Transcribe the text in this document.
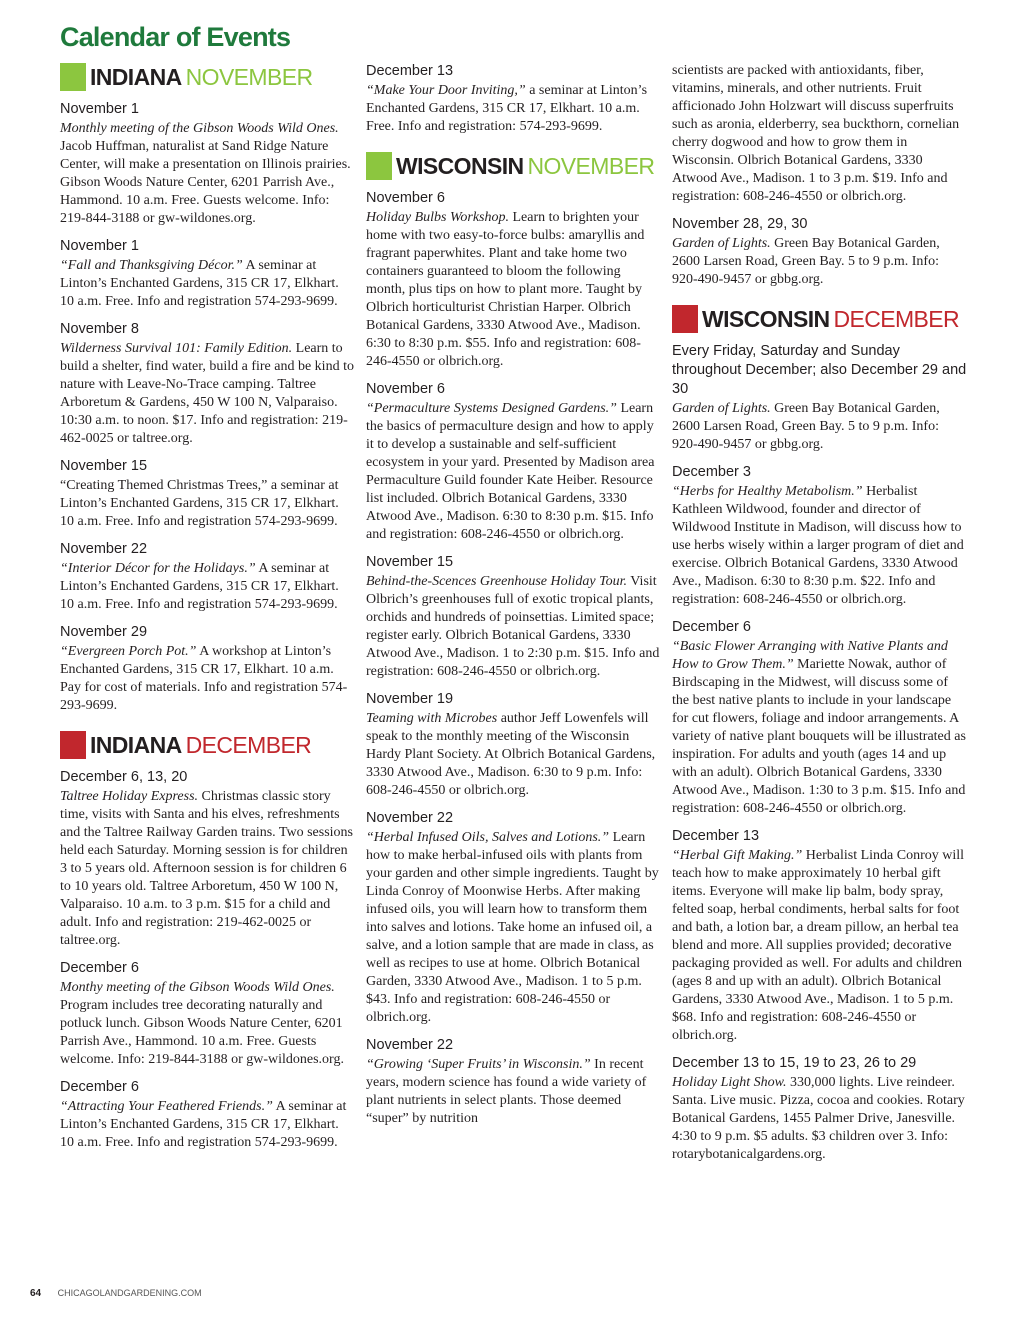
Calendar of Events
INDIANA NOVEMBER
November 1
Monthly meeting of the Gibson Woods Wild Ones. Jacob Huffman, naturalist at Sand Ridge Nature Center, will make a presentation on Illinois prairies. Gibson Woods Nature Center, 6201 Parrish Ave., Hammond. 10 a.m. Free. Guests welcome. Info: 219-844-3188 or gw-wildones.org.
November 1
“Fall and Thanksgiving Décor.” A seminar at Linton’s Enchanted Gardens, 315 CR 17, Elkhart. 10 a.m. Free. Info and registration 574-293-9699.
November 8
Wilderness Survival 101: Family Edition. Learn to build a shelter, find water, build a fire and be kind to nature with Leave-No-Trace camping. Taltree Arboretum & Gardens, 450 W 100 N, Valparaiso. 10:30 a.m. to noon. $17. Info and registration: 219-462-0025 or taltree.org.
November 15
“Creating Themed Christmas Trees,” a seminar at Linton’s Enchanted Gardens, 315 CR 17, Elkhart. 10 a.m. Free. Info and registration 574-293-9699.
November 22
“Interior Décor for the Holidays.” A seminar at Linton’s Enchanted Gardens, 315 CR 17, Elkhart. 10 a.m. Free. Info and registration 574-293-9699.
November 29
“Evergreen Porch Pot.” A workshop at Linton’s Enchanted Gardens, 315 CR 17, Elkhart. 10 a.m. Pay for cost of materials. Info and registration 574-293-9699.
INDIANA DECEMBER
December 6, 13, 20
Taltree Holiday Express. Christmas classic story time, visits with Santa and his elves, refreshments and the Taltree Railway Garden trains. Two sessions held each Saturday. Morning session is for children 3 to 5 years old. Afternoon session is for children 6 to 10 years old. Taltree Arboretum, 450 W 100 N, Valparaiso. 10 a.m. to 3 p.m. $15 for a child and adult. Info and registration: 219-462-0025 or taltree.org.
December 6
Monthy meeting of the Gibson Woods Wild Ones. Program includes tree decorating naturally and potluck lunch. Gibson Woods Nature Center, 6201 Parrish Ave., Hammond. 10 a.m. Free. Guests welcome. Info: 219-844-3188 or gw-wildones.org.
December 6
“Attracting Your Feathered Friends.” A seminar at Linton’s Enchanted Gardens, 315 CR 17, Elkhart. 10 a.m. Free. Info and registration 574-293-9699.
December 13
“Make Your Door Inviting,” a seminar at Linton’s Enchanted Gardens, 315 CR 17, Elkhart. 10 a.m. Free. Info and registration: 574-293-9699.
WISCONSIN NOVEMBER
November 6
Holiday Bulbs Workshop. Learn to brighten your home with two easy-to-force bulbs: amaryllis and fragrant paperwhites. Plant and take home two containers guaranteed to bloom the following month, plus tips on how to plant more. Taught by Olbrich horticulturist Christian Harper. Olbrich Botanical Gardens, 3330 Atwood Ave., Madison. 6:30 to 8:30 p.m. $55. Info and registration: 608-246-4550 or olbrich.org.
November 6
“Permaculture Systems Designed Gardens.” Learn the basics of permaculture design and how to apply it to develop a sustainable and self-sufficient ecosystem in your yard. Presented by Madison area Permaculture Guild founder Kate Heiber. Resource list included. Olbrich Botanical Gardens, 3330 Atwood Ave., Madison. 6:30 to 8:30 p.m. $15. Info and registration: 608-246-4550 or olbrich.org.
November 15
Behind-the-Scences Greenhouse Holiday Tour. Visit Olbrich’s greenhouses full of exotic tropical plants, orchids and hundreds of poinsettias. Limited space; register early. Olbrich Botanical Gardens, 3330 Atwood Ave., Madison. 1 to 2:30 p.m. $15. Info and registration: 608-246-4550 or olbrich.org.
November 19
Teaming with Microbes author Jeff Lowenfels will speak to the monthly meeting of the Wisconsin Hardy Plant Society. At Olbrich Botanical Gardens, 3330 Atwood Ave., Madison. 6:30 to 9 p.m. Info: 608-246-4550 or olbrich.org.
November 22
“Herbal Infused Oils, Salves and Lotions.” Learn how to make herbal-infused oils with plants from your garden and other simple ingredients. Taught by Linda Conroy of Moonwise Herbs. After making infused oils, you will learn how to transform them into salves and lotions. Take home an infused oil, a salve, and a lotion sample that are made in class, as well as recipes to use at home. Olbrich Botanical Garden, 3330 Atwood Ave., Madison. 1 to 5 p.m. $43. Info and registration: 608-246-4550 or olbrich.org.
November 22
“Growing ‘Super Fruits’ in Wisconsin.” In recent years, modern science has found a wide variety of plant nutrients in select plants. Those deemed “super” by nutrition
scientists are packed with antioxidants, fiber, vitamins, minerals, and other nutrients. Fruit afficionado John Holzwart will discuss superfruits such as aronia, elderberry, sea buckthorn, cornelian cherry dogwood and how to grow them in Wisconsin. Olbrich Botanical Gardens, 3330 Atwood Ave., Madison. 1 to 3 p.m. $19. Info and registration: 608-246-4550 or olbrich.org.
November 28, 29, 30
Garden of Lights. Green Bay Botanical Garden, 2600 Larsen Road, Green Bay. 5 to 9 p.m. Info: 920-490-9457 or gbbg.org.
WISCONSIN DECEMBER
Every Friday, Saturday and Sunday throughout December; also December 29 and 30
Garden of Lights. Green Bay Botanical Garden, 2600 Larsen Road, Green Bay. 5 to 9 p.m. Info: 920-490-9457 or gbbg.org.
December 3
“Herbs for Healthy Metabolism.” Herbalist Kathleen Wildwood, founder and director of Wildwood Institute in Madison, will discuss how to use herbs wisely within a larger program of diet and exercise. Olbrich Botanical Gardens, 3330 Atwood Ave., Madison. 6:30 to 8:30 p.m. $22. Info and registration: 608-246-4550 or olbrich.org.
December 6
“Basic Flower Arranging with Native Plants and How to Grow Them.” Mariette Nowak, author of Birdscaping in the Midwest, will discuss some of the best native plants to include in your landscape for cut flowers, foliage and indoor arrangements. A variety of native plant bouquets will be illustrated as inspiration. For adults and youth (ages 14 and up with an adult). Olbrich Botanical Gardens, 3330 Atwood Ave., Madison. 1:30 to 3 p.m. $15. Info and registration: 608-246-4550 or olbrich.org.
December 13
“Herbal Gift Making.” Herbalist Linda Conroy will teach how to make approximately 10 herbal gift items. Everyone will make lip balm, body spray, felted soap, herbal condiments, herbal salts for foot and bath, a lotion bar, a dream pillow, an herbal tea blend and more. All supplies provided; decorative packaging provided as well. For adults and children (ages 8 and up with an adult). Olbrich Botanical Gardens, 3330 Atwood Ave., Madison. 1 to 5 p.m. $68. Info and registration: 608-246-4550 or olbrich.org.
December 13 to 15, 19 to 23, 26 to 29
Holiday Light Show. 330,000 lights. Live reindeer. Santa. Live music. Pizza, cocoa and cookies. Rotary Botanical Gardens, 1455 Palmer Drive, Janesville. 4:30 to 9 p.m. $5 adults. $3 children over 3. Info: rotarybotanicalgardens.org.
64 CHICAGOLANDGARDENING.COM
